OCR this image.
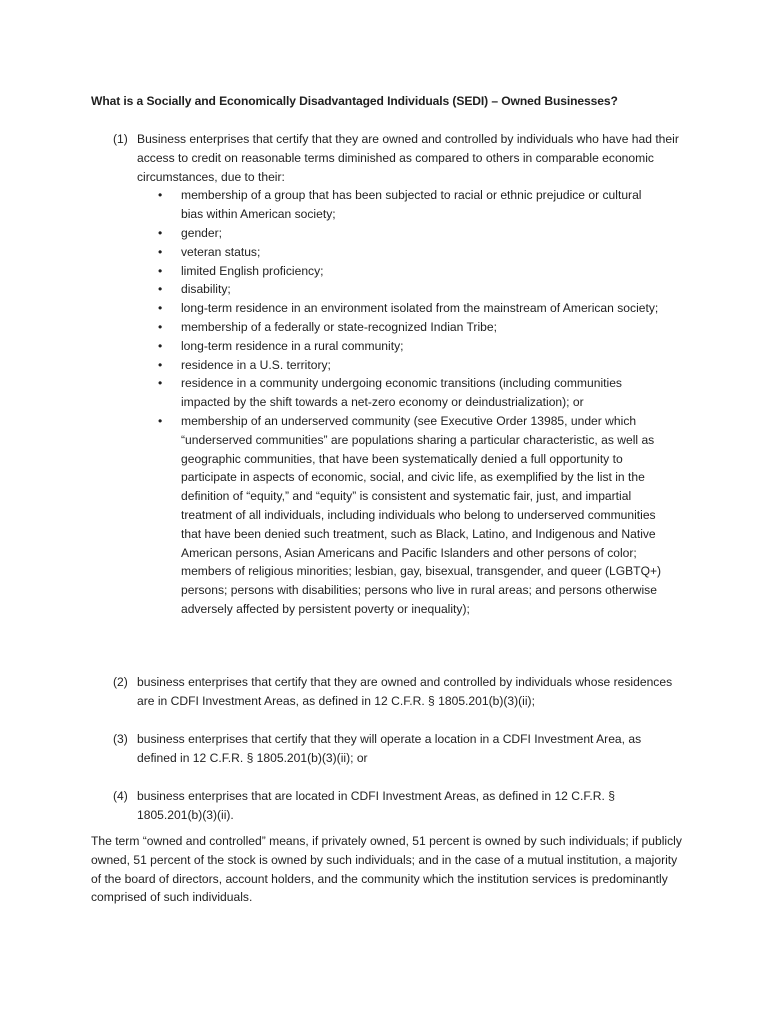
What is a Socially and Economically Disadvantaged Individuals (SEDI) – Owned Businesses?
(1) Business enterprises that certify that they are owned and controlled by individuals who have had their access to credit on reasonable terms diminished as compared to others in comparable economic circumstances, due to their:
• membership of a group that has been subjected to racial or ethnic prejudice or cultural bias within American society;
• gender;
• veteran status;
• limited English proficiency;
• disability;
• long-term residence in an environment isolated from the mainstream of American society;
• membership of a federally or state-recognized Indian Tribe;
• long-term residence in a rural community;
• residence in a U.S. territory;
• residence in a community undergoing economic transitions (including communities impacted by the shift towards a net-zero economy or deindustrialization); or
• membership of an underserved community (see Executive Order 13985, under which “underserved communities” are populations sharing a particular characteristic, as well as geographic communities, that have been systematically denied a full opportunity to participate in aspects of economic, social, and civic life, as exemplified by the list in the definition of “equity,” and “equity” is consistent and systematic fair, just, and impartial treatment of all individuals, including individuals who belong to underserved communities that have been denied such treatment, such as Black, Latino, and Indigenous and Native American persons, Asian Americans and Pacific Islanders and other persons of color; members of religious minorities; lesbian, gay, bisexual, transgender, and queer (LGBTQ+) persons; persons with disabilities; persons who live in rural areas; and persons otherwise adversely affected by persistent poverty or inequality);
(2) business enterprises that certify that they are owned and controlled by individuals whose residences are in CDFI Investment Areas, as defined in 12 C.F.R. § 1805.201(b)(3)(ii);
(3) business enterprises that certify that they will operate a location in a CDFI Investment Area, as defined in 12 C.F.R. § 1805.201(b)(3)(ii); or
(4) business enterprises that are located in CDFI Investment Areas, as defined in 12 C.F.R. § 1805.201(b)(3)(ii).
The term “owned and controlled” means, if privately owned, 51 percent is owned by such individuals; if publicly owned, 51 percent of the stock is owned by such individuals; and in the case of a mutual institution, a majority of the board of directors, account holders, and the community which the institution services is predominantly comprised of such individuals.
